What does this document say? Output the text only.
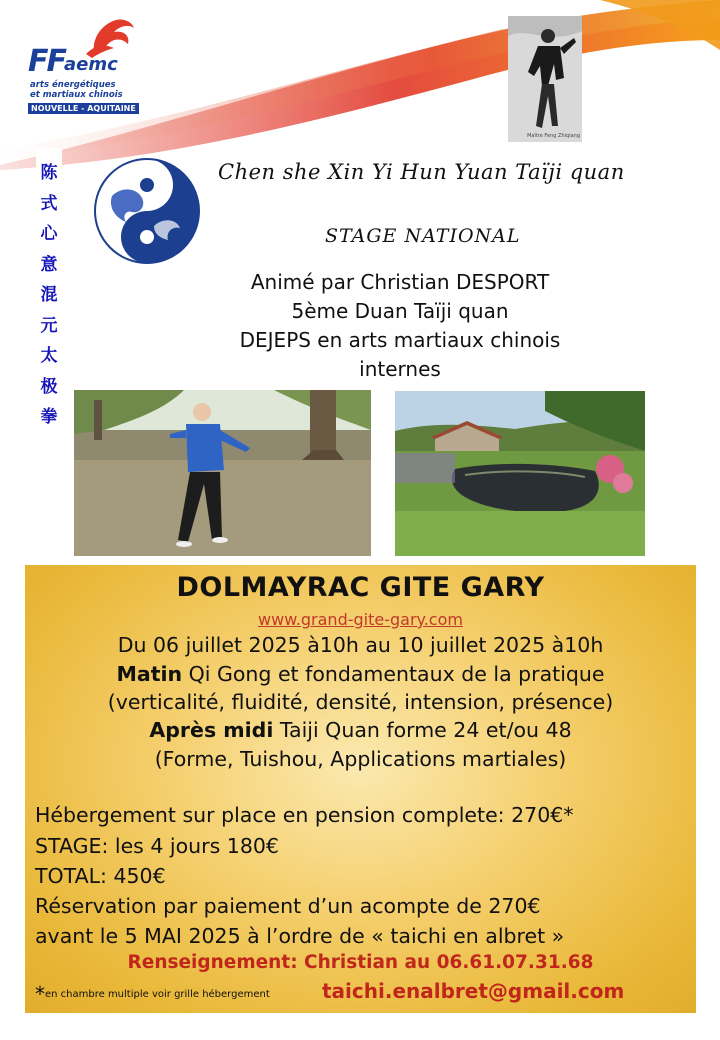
FF aemc
arts énergétiques
et martiaux chinois
NOUVELLE - AQUITAINE
Maître Feng Zhiqiang
陈
式
心
意
混
元
太
极
拳
Chen she Xin Yi Hun Yuan Taïji quan
STAGE NATIONAL
Animé par Christian DESPORT
5ème Duan Taïji quan
DEJEPS en arts martiaux chinois
internes
DOLMAYRAC GITE GARY
www.grand-gite-gary.com
Du 06 juillet 2025 à10h au 10 juillet 2025 à10h
Matin Qi Gong et fondamentaux de la pratique
(verticalité, fluidité, densité, intension, présence)
Après midi Taiji Quan forme 24 et/ou 48
(Forme, Tuishou, Applications martiales)
Hébergement sur place en pension complete: 270€*
STAGE: les 4 jours 180€
TOTAL: 450€
Réservation par paiement d’un acompte de 270€
avant le 5 MAI 2025 à l’ordre de « taichi en albret »
Renseignement: Christian au 06.61.07.31.68
*en chambre multiple voir grille hébergement	taichi.enalbret@gmail.com
